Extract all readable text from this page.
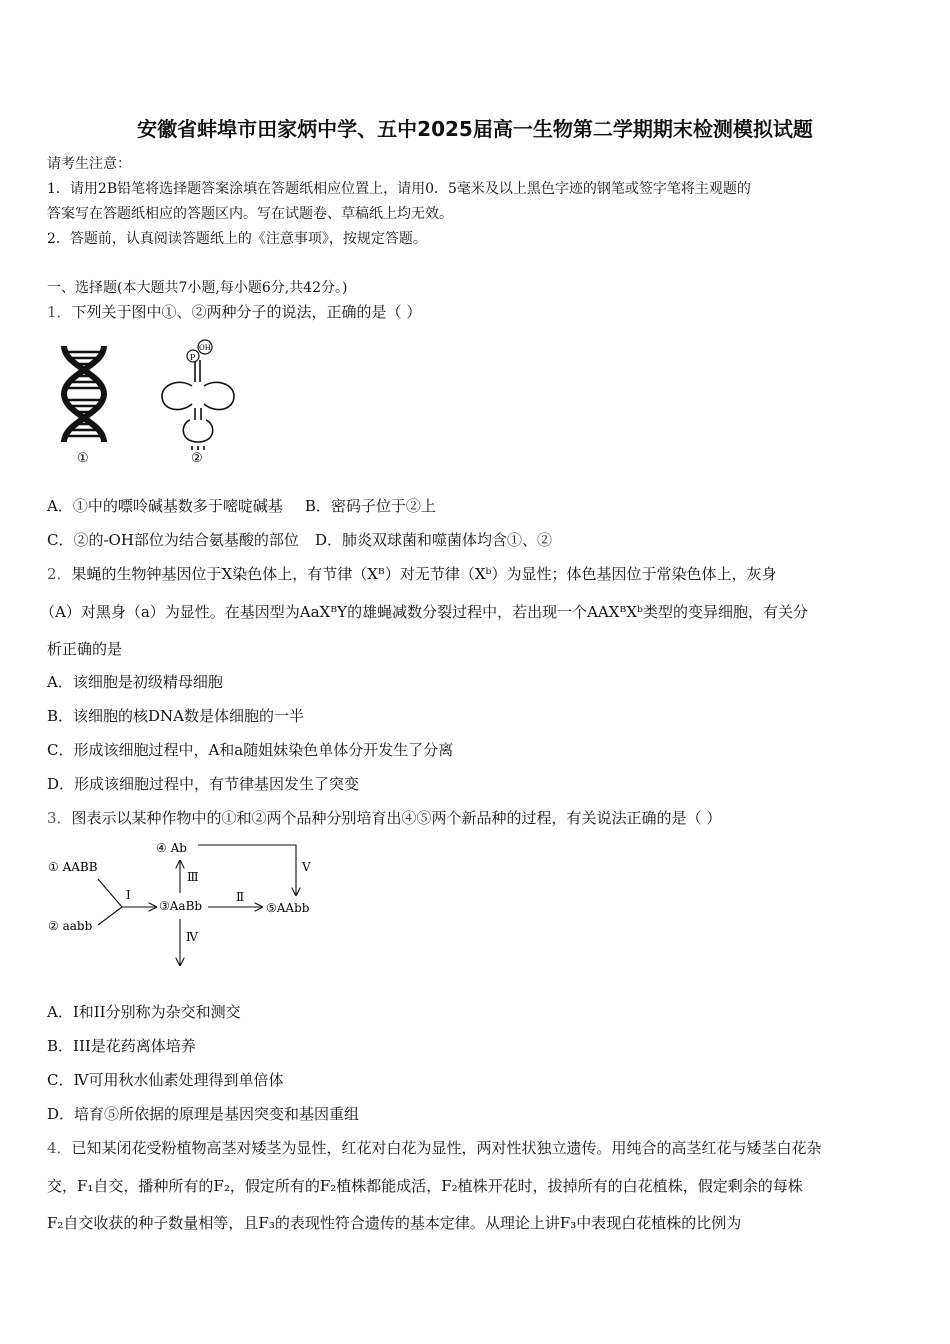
安徽省蚌埠市田家炳中学、五中2025届高一生物第二学期期末检测模拟试题
请考生注意：
1．请用2B铅笔将选择题答案涂填在答题纸相应位置上，请用0．5毫米及以上黑色字迹的钢笔或签字笔将主观题的
答案写在答题纸相应的答题区内。写在试题卷、草稿纸上均无效。
2．答题前，认真阅读答题纸上的《注意事项》，按规定答题。
一、选择题(本大题共7小题,每小题6分,共42分。)
1．下列关于图中①、②两种分子的说法，正确的是（ ）
①
P
OH
②
A．①中的嘌呤碱基数多于嘧啶碱基 B．密码子位于②上
C．②的-OH部位为结合氨基酸的部位 D．肺炎双球菌和噬菌体均含①、②
2．果蝇的生物钟基因位于X染色体上，有节律（Xᴮ）对无节律（Xᵇ）为显性；体色基因位于常染色体上，灰身
（A）对黑身（a）为显性。在基因型为AaXᴮY的雄蝇减数分裂过程中，若出现一个AAXᴮXᵇ类型的变异细胞，有关分
析正确的是
A．该细胞是初级精母细胞
B．该细胞的核DNA数是体细胞的一半
C．形成该细胞过程中，A和a随姐妹染色单体分开发生了分离
D．形成该细胞过程中，有节律基因发生了突变
3．图表示以某种作物中的①和②两个品种分别培育出④⑤两个新品种的过程，有关说法正确的是（ ）
① AABB
② aabb
③AaBb
④ Ab
⑤AAbb
Ⅰ	Ⅱ
Ⅲ
Ⅳ
Ⅴ
A．I和II分别称为杂交和测交
B．III是花药离体培养
C．Ⅳ可用秋水仙素处理得到单倍体
D．培育⑤所依据的原理是基因突变和基因重组
4．已知某闭花受粉植物高茎对矮茎为显性，红花对白花为显性，两对性状独立遗传。用纯合的高茎红花与矮茎白花杂
交，F₁自交，播种所有的F₂，假定所有的F₂植株都能成活，F₂植株开花时，拔掉所有的白花植株，假定剩余的每株
F₂自交收获的种子数量相等，且F₃的表现性符合遗传的基本定律。从理论上讲F₃中表现白花植株的比例为
